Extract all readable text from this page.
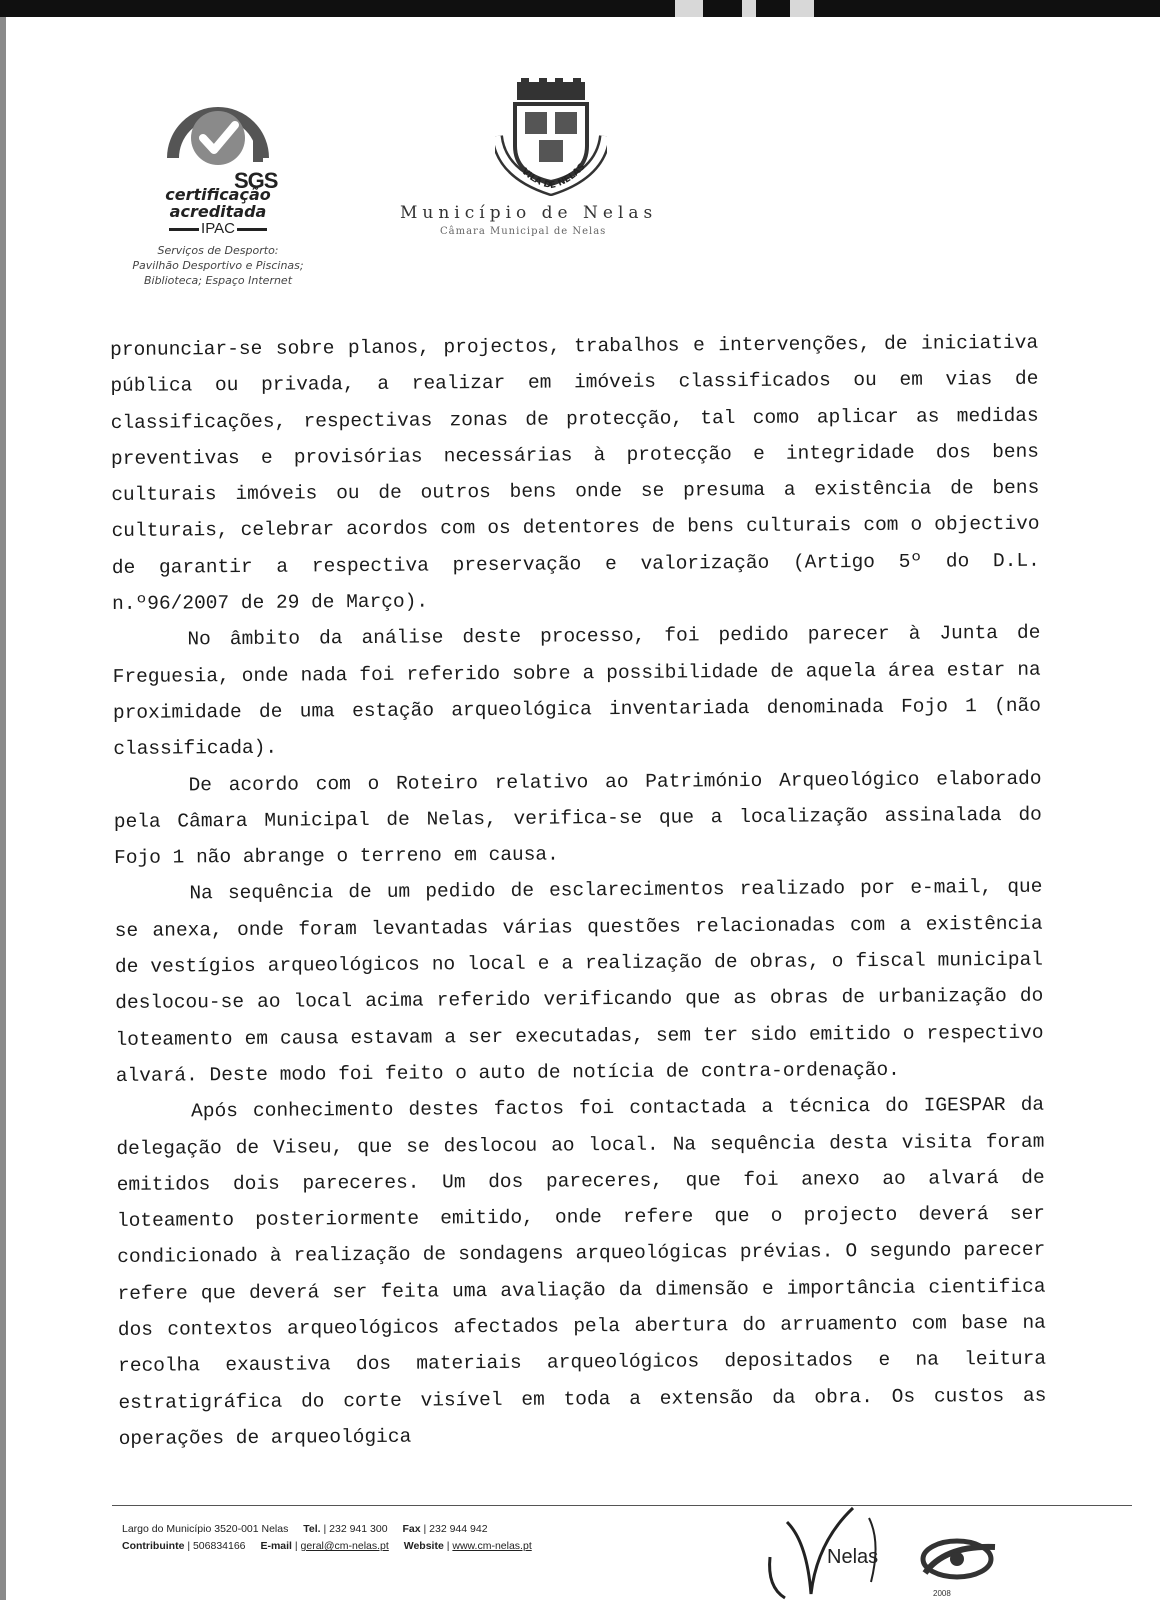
SGS
certificação
acreditada
IPAC
Serviços de Desporto:
Pavilhão Desportivo e Piscinas;
Biblioteca; Espaço Internet
VILA DE NELAS
Município de Nelas
Câmara Municipal de Nelas

pronunciar-se sobre planos, projectos, trabalhos e intervenções, de iniciativa pública ou privada, a realizar em imóveis classificados ou em vias de classificações, respectivas zonas de protecção, tal como aplicar as medidas preventivas e provisórias necessárias à protecção e integridade dos bens culturais imóveis ou de outros bens onde se presuma a existência de bens culturais, celebrar acordos com os detentores de bens culturais com o objectivo de garantir a respectiva preservação e valorização (Artigo 5º do D.L. n.º96/2007 de 29 de Março).

No âmbito da análise deste processo, foi pedido parecer à Junta de Freguesia, onde nada foi referido sobre a possibilidade de aquela área estar na proximidade de uma estação arqueológica inventariada denominada Fojo 1 (não classificada).

De acordo com o Roteiro relativo ao Património Arqueológico elaborado pela Câmara Municipal de Nelas, verifica-se que a localização assinalada do Fojo 1 não abrange o terreno em causa.

Na sequência de um pedido de esclarecimentos realizado por e-mail, que se anexa, onde foram levantadas várias questões relacionadas com a existência de vestígios arqueológicos no local e a realização de obras, o fiscal municipal deslocou-se ao local acima referido verificando que as obras de urbanização do loteamento em causa estavam a ser executadas, sem ter sido emitido o respectivo alvará. Deste modo foi feito o auto de notícia de contra-ordenação.

Após conhecimento destes factos foi contactada a técnica do IGESPAR da delegação de Viseu, que se deslocou ao local. Na sequência desta visita foram emitidos dois pareceres. Um dos pareceres, que foi anexo ao alvará de loteamento posteriormente emitido, onde refere que o projecto deverá ser condicionado à realização de sondagens arqueológicas prévias. O segundo parecer refere que deverá ser feita uma avaliação da dimensão e importância cientifica dos contextos arqueológicos afectados pela abertura do arruamento com base na recolha exaustiva dos materiais arqueológicos depositados e na leitura estratigráfica do corte visível em toda a extensão da obra. Os custos as operações de arqueológica

Largo do Município 3520-001 Nelas Tel. | 232 941 300 Fax | 232 944 942
Contribuinte | 506834166 E-mail | geral@cm-nelas.pt Website | www.cm-nelas.pt	Nelas
2008
